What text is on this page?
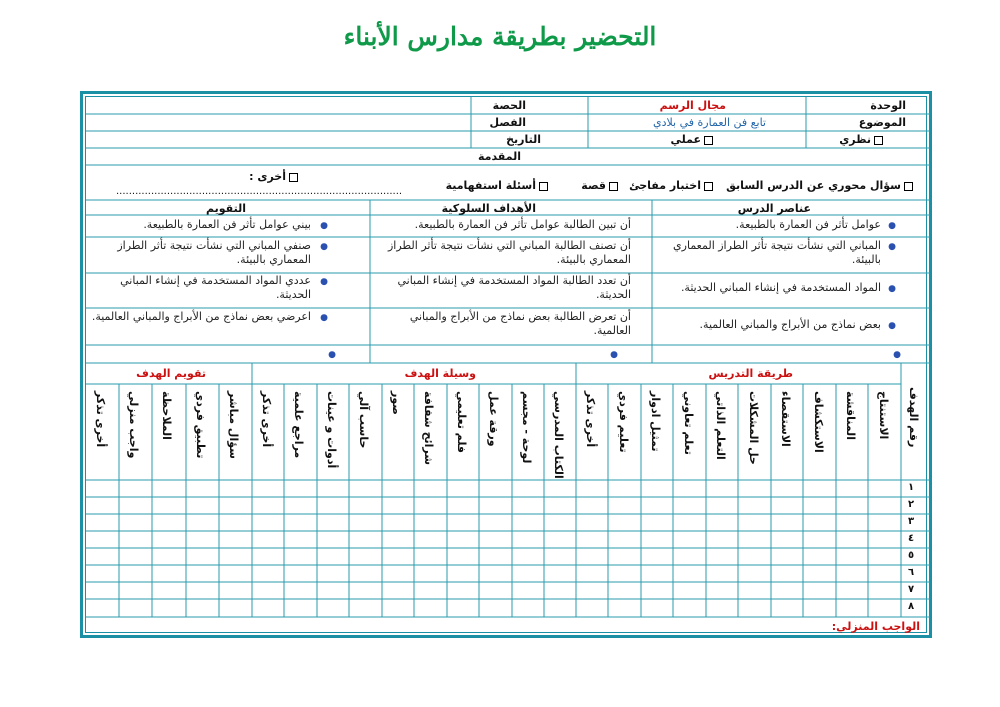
التحضير بطريقة مدارس الأبناء
الوحدة
مجال الرسم
الحصة
الموضوع
تابع فن العمارة في بلادي
الفصل
نظري
عملي
التاريخ
المقدمة
سؤال محوري عن الدرس السابق
اختبار مفاجئ
قصة
أسئلة استفهامية
أخرى :
..........................................................................................
عناصر الدرس
الأهداف السلوكية
التقويم
●
عوامل تأثر فن العمارة بالطبيعة.
أن تبين الطالبة عوامل تأثر فن العمارة بالطبيعة.
●
بيني عوامل تأثر فن العمارة بالطبيعة.
●
المباني التي نشأت نتيجة تأثر الطراز المعماري بالبيئة.
أن تصنف الطالبة المباني التي نشأت نتيجة تأثر الطراز المعماري بالبيئة.
●
صنفي المباني التي نشأت نتيجة تأثر الطراز المعماري بالبيئة.
●
المواد المستخدمة في إنشاء المباني الحديثة.
أن تعدد الطالبة المواد المستخدمة في إنشاء المباني الحديثة.
●
عددي المواد المستخدمة في إنشاء المباني الحديثة.
●
بعض نماذج من الأبراج والمباني العالمية.
أن تعرض الطالبة بعض نماذج من الأبراج والمباني العالمية.
●
اعرضي بعض نماذج من الأبراج والمباني العالمية.
●
●
●
طريقة التدريس
وسيلة الهدف
تقويم الهدف
رقم الهدف
الاستنتاج
المناقشة
الاستكشاف
الاستقصاء
حل المشكلات
التعلم الذاتي
تعلم تعاوني
تمثيل ادوار
تعليم فردي
أخرى تذكر
الكتاب المدرسي
لوحة - مجسم
ورقة عمل
فلم تعليمي
شرائح شفافة
صور
حاسب آلي
أدوات و عينات
مراجع علمية
أخرى تذكر
سؤال مباشر
تطبيق فردي
الملاحظة
واجب منزلي
أخرى تذكر
١
٢
٣
٤
٥
٦
٧
٨
الواجب المنزلي:
